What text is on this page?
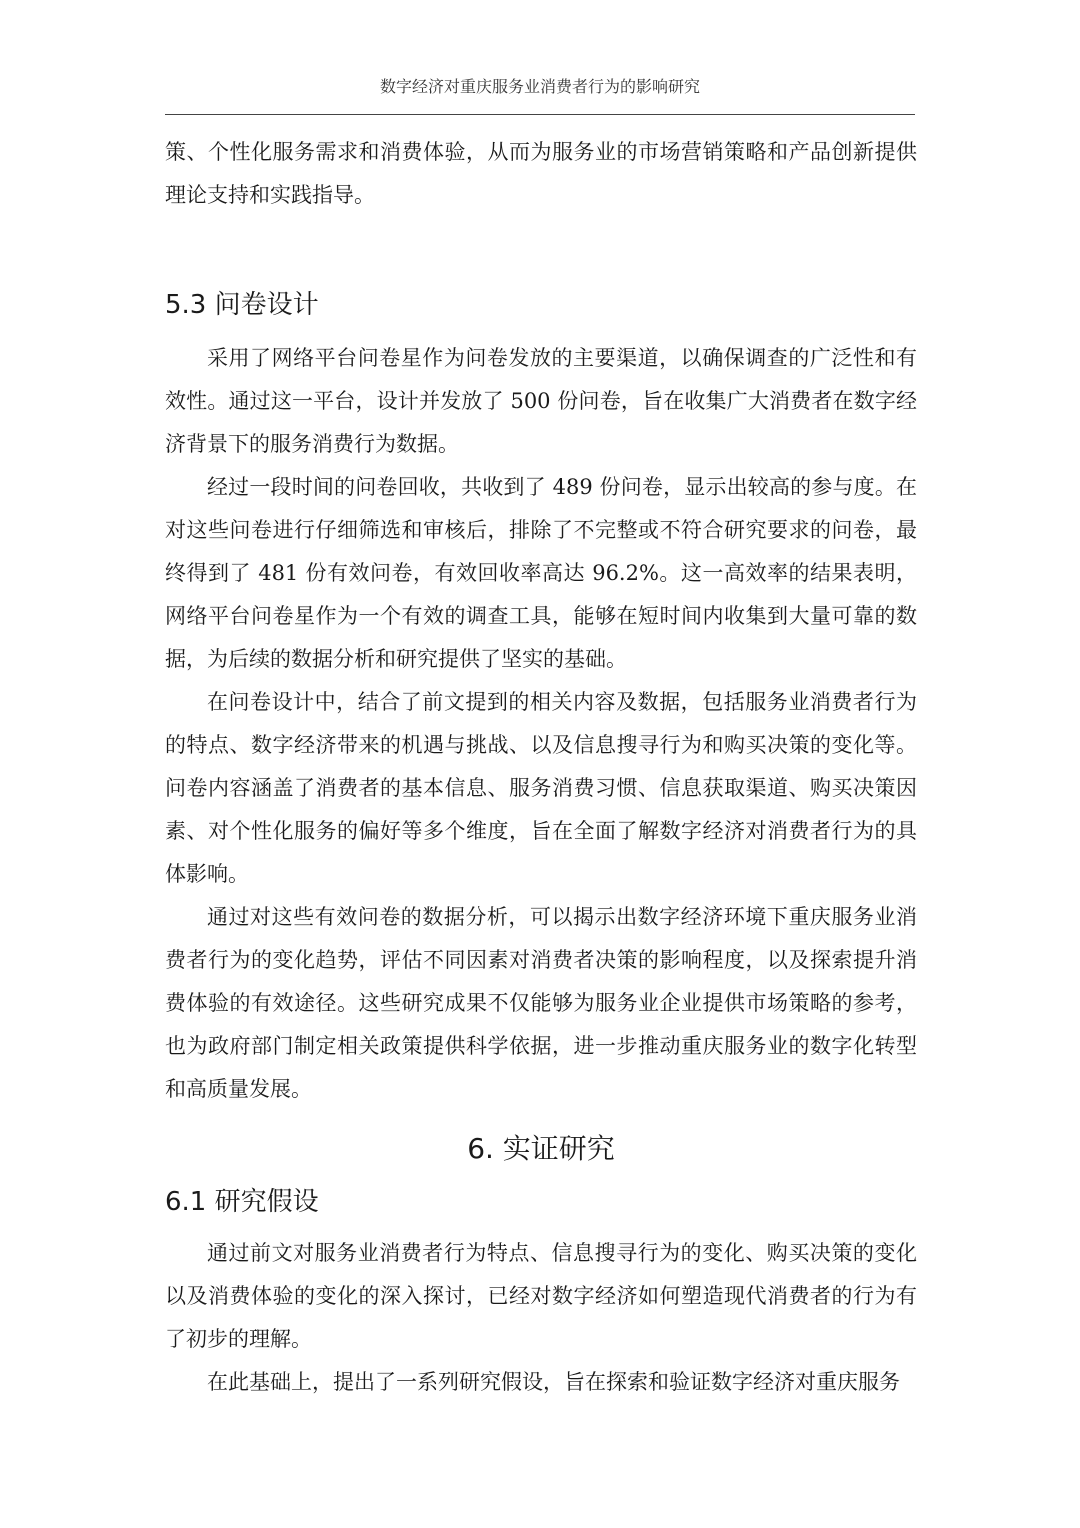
数字经济对重庆服务业消费者行为的影响研究

策、个性化服务需求和消费体验，从而为服务业的市场营销策略和产品创新提供理论支持和实践指导。

5.3 问卷设计

采用了网络平台问卷星作为问卷发放的主要渠道，以确保调查的广泛性和有效性。通过这一平台，设计并发放了 500 份问卷，旨在收集广大消费者在数字经济背景下的服务消费行为数据。

经过一段时间的问卷回收，共收到了 489 份问卷，显示出较高的参与度。在对这些问卷进行仔细筛选和审核后，排除了不完整或不符合研究要求的问卷，最终得到了 481 份有效问卷，有效回收率高达 96.2%。这一高效率的结果表明，网络平台问卷星作为一个有效的调查工具，能够在短时间内收集到大量可靠的数据，为后续的数据分析和研究提供了坚实的基础。

在问卷设计中，结合了前文提到的相关内容及数据，包括服务业消费者行为的特点、数字经济带来的机遇与挑战、以及信息搜寻行为和购买决策的变化等。问卷内容涵盖了消费者的基本信息、服务消费习惯、信息获取渠道、购买决策因素、对个性化服务的偏好等多个维度，旨在全面了解数字经济对消费者行为的具体影响。

通过对这些有效问卷的数据分析，可以揭示出数字经济环境下重庆服务业消费者行为的变化趋势，评估不同因素对消费者决策的影响程度，以及探索提升消费体验的有效途径。这些研究成果不仅能够为服务业企业提供市场策略的参考，也为政府部门制定相关政策提供科学依据，进一步推动重庆服务业的数字化转型和高质量发展。

6. 实证研究
6.1 研究假设

通过前文对服务业消费者行为特点、信息搜寻行为的变化、购买决策的变化以及消费体验的变化的深入探讨，已经对数字经济如何塑造现代消费者的行为有了初步的理解。

在此基础上，提出了一系列研究假设，旨在探索和验证数字经济对重庆服务
